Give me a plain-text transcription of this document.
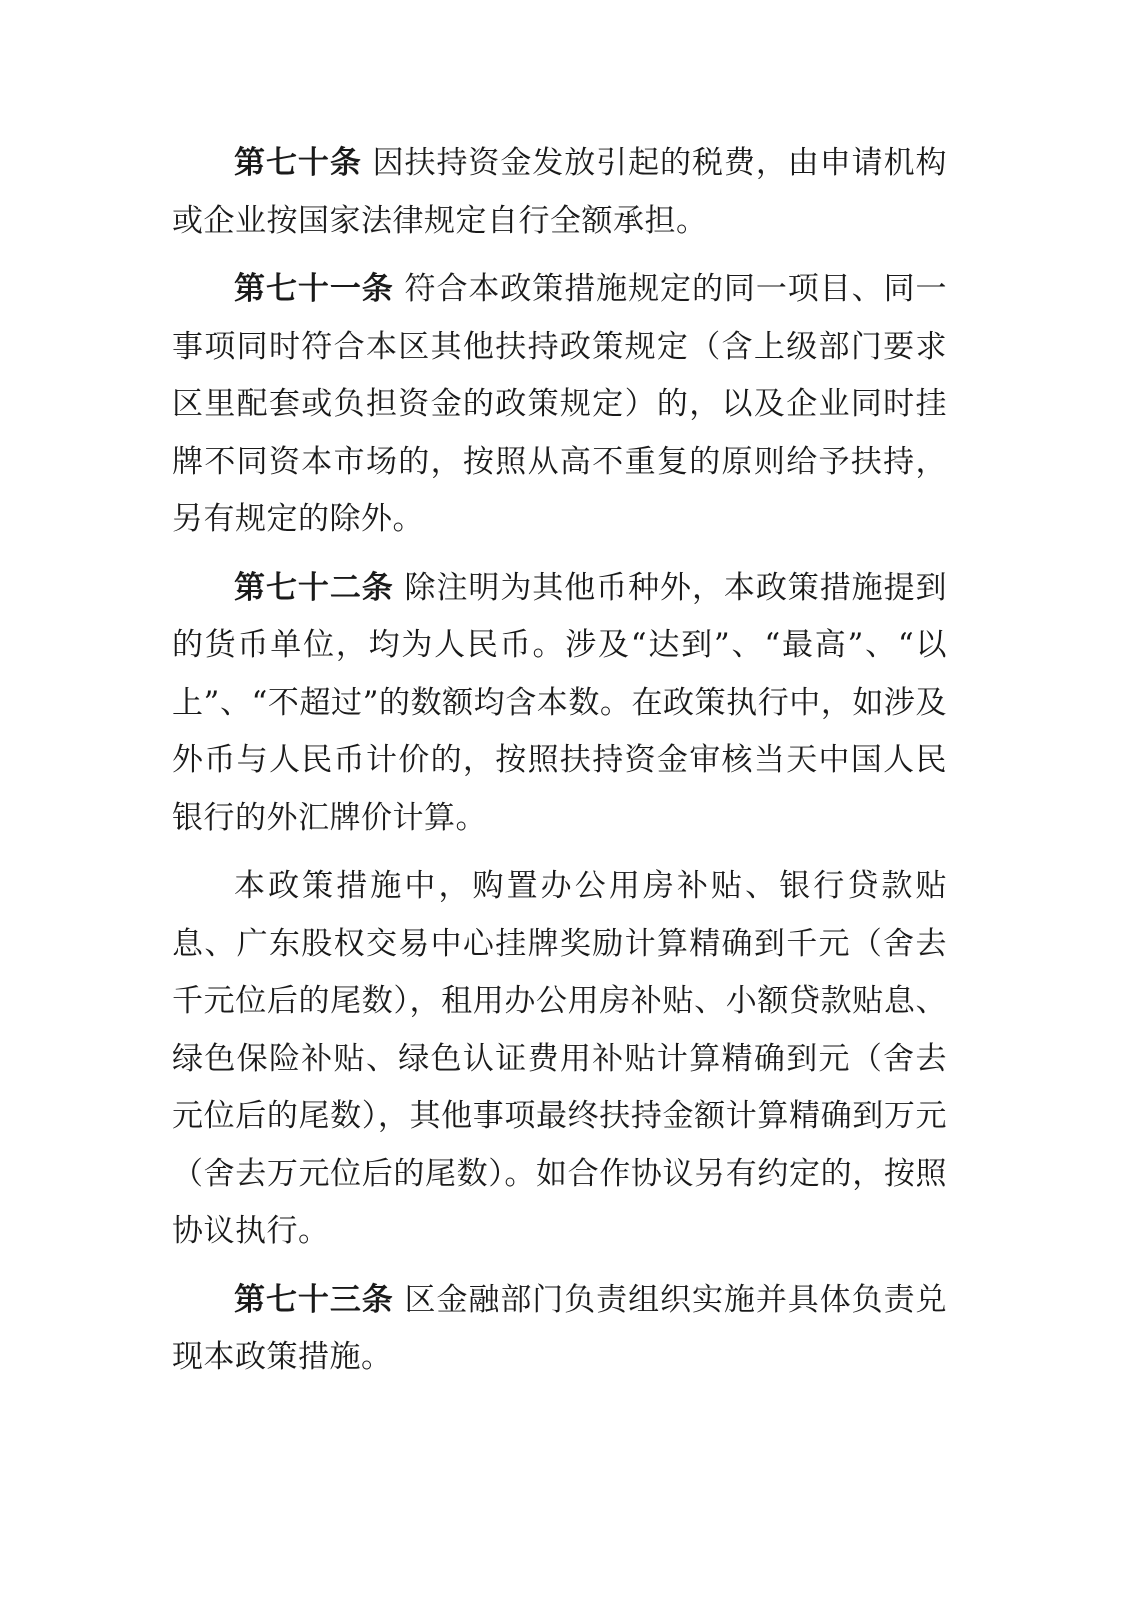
第七十条 因扶持资金发放引起的税费，由申请机构或企业按国家法律规定自行全额承担。

第七十一条 符合本政策措施规定的同一项目、同一事项同时符合本区其他扶持政策规定（含上级部门要求区里配套或负担资金的政策规定）的，以及企业同时挂牌不同资本市场的，按照从高不重复的原则给予扶持，另有规定的除外。

第七十二条 除注明为其他币种外，本政策措施提到的货币单位，均为人民币。涉及“达到”、“最高”、“以上”、“不超过”的数额均含本数。在政策执行中，如涉及外币与人民币计价的，按照扶持资金审核当天中国人民银行的外汇牌价计算。

本政策措施中，购置办公用房补贴、银行贷款贴息、广东股权交易中心挂牌奖励计算精确到千元（舍去千元位后的尾数），租用办公用房补贴、小额贷款贴息、绿色保险补贴、绿色认证费用补贴计算精确到元（舍去元位后的尾数），其他事项最终扶持金额计算精确到万元（舍去万元位后的尾数）。如合作协议另有约定的，按照协议执行。

第七十三条 区金融部门负责组织实施并具体负责兑现本政策措施。
